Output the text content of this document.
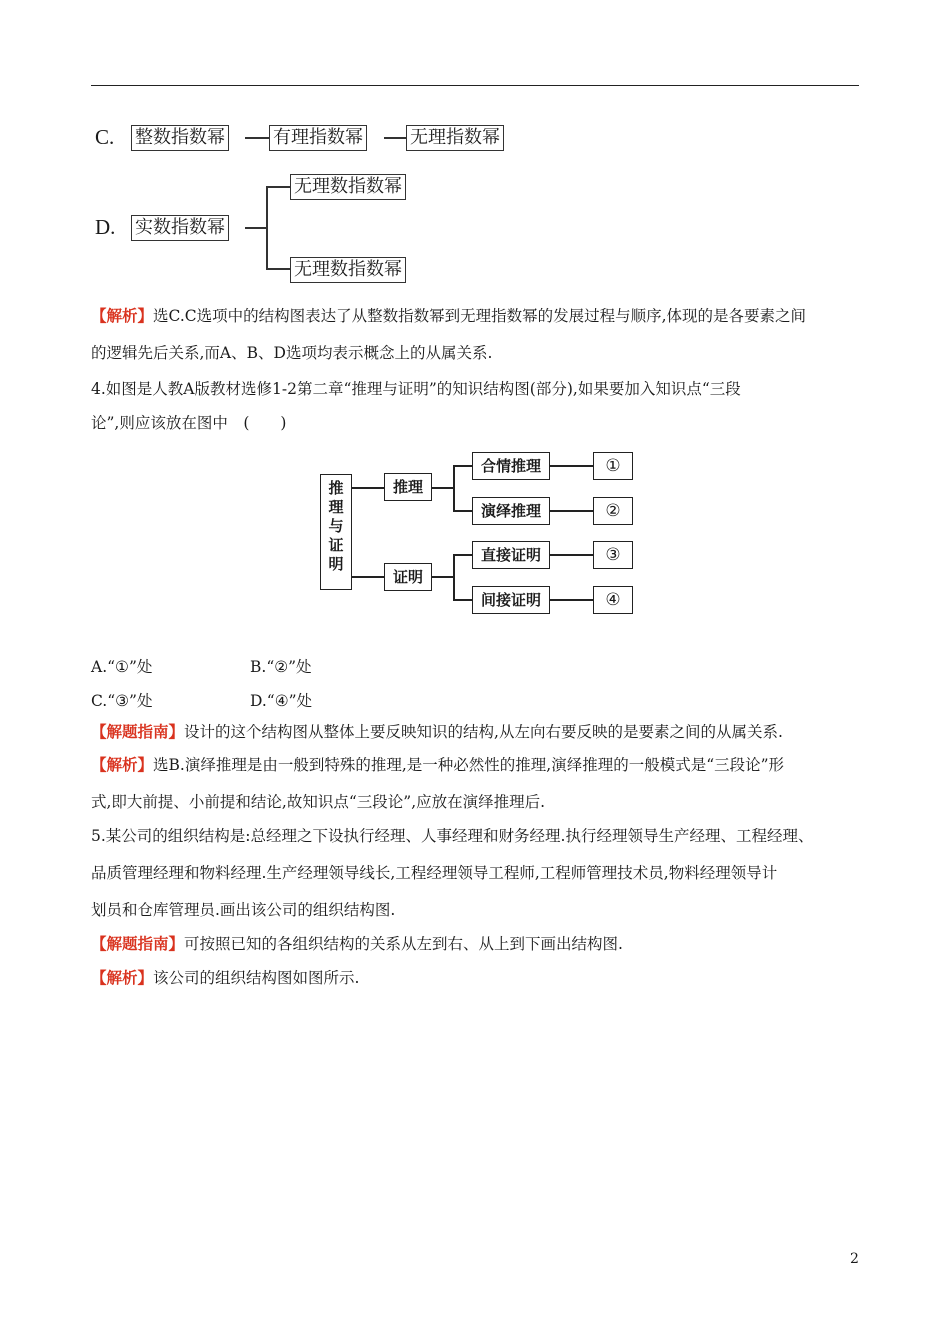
C. 整数指数幂	有理指数幂	无理指数幂
D. 实数指数幂
无理数指数幂
无理数指数幂
【解析】选C.C选项中的结构图表达了从整数指数幂到无理指数幂的发展过程与顺序,体现的是各要素之间
的逻辑先后关系,而A、B、D选项均表示概念上的从属关系.
4.如图是人教A版教材选修1-2第二章“推理与证明”的知识结构图(部分),如果要加入知识点“三段
论”,则应该放在图中　(　　)
推
理
与
证
明
推理
证明
合情推理
演绎推理
直接证明
间接证明
①
②
③
④
A.“①”处	B.“②”处
C.“③”处	D.“④”处
【解题指南】设计的这个结构图从整体上要反映知识的结构,从左向右要反映的是要素之间的从属关系.
【解析】选B.演绎推理是由一般到特殊的推理,是一种必然性的推理,演绎推理的一般模式是“三段论”形
式,即大前提、小前提和结论,故知识点“三段论”,应放在演绎推理后.
5.某公司的组织结构是:总经理之下设执行经理、人事经理和财务经理.执行经理领导生产经理、工程经理、
品质管理经理和物料经理.生产经理领导线长,工程经理领导工程师,工程师管理技术员,物料经理领导计
划员和仓库管理员.画出该公司的组织结构图.
【解题指南】可按照已知的各组织结构的关系从左到右、从上到下画出结构图.
【解析】该公司的组织结构图如图所示.
2
